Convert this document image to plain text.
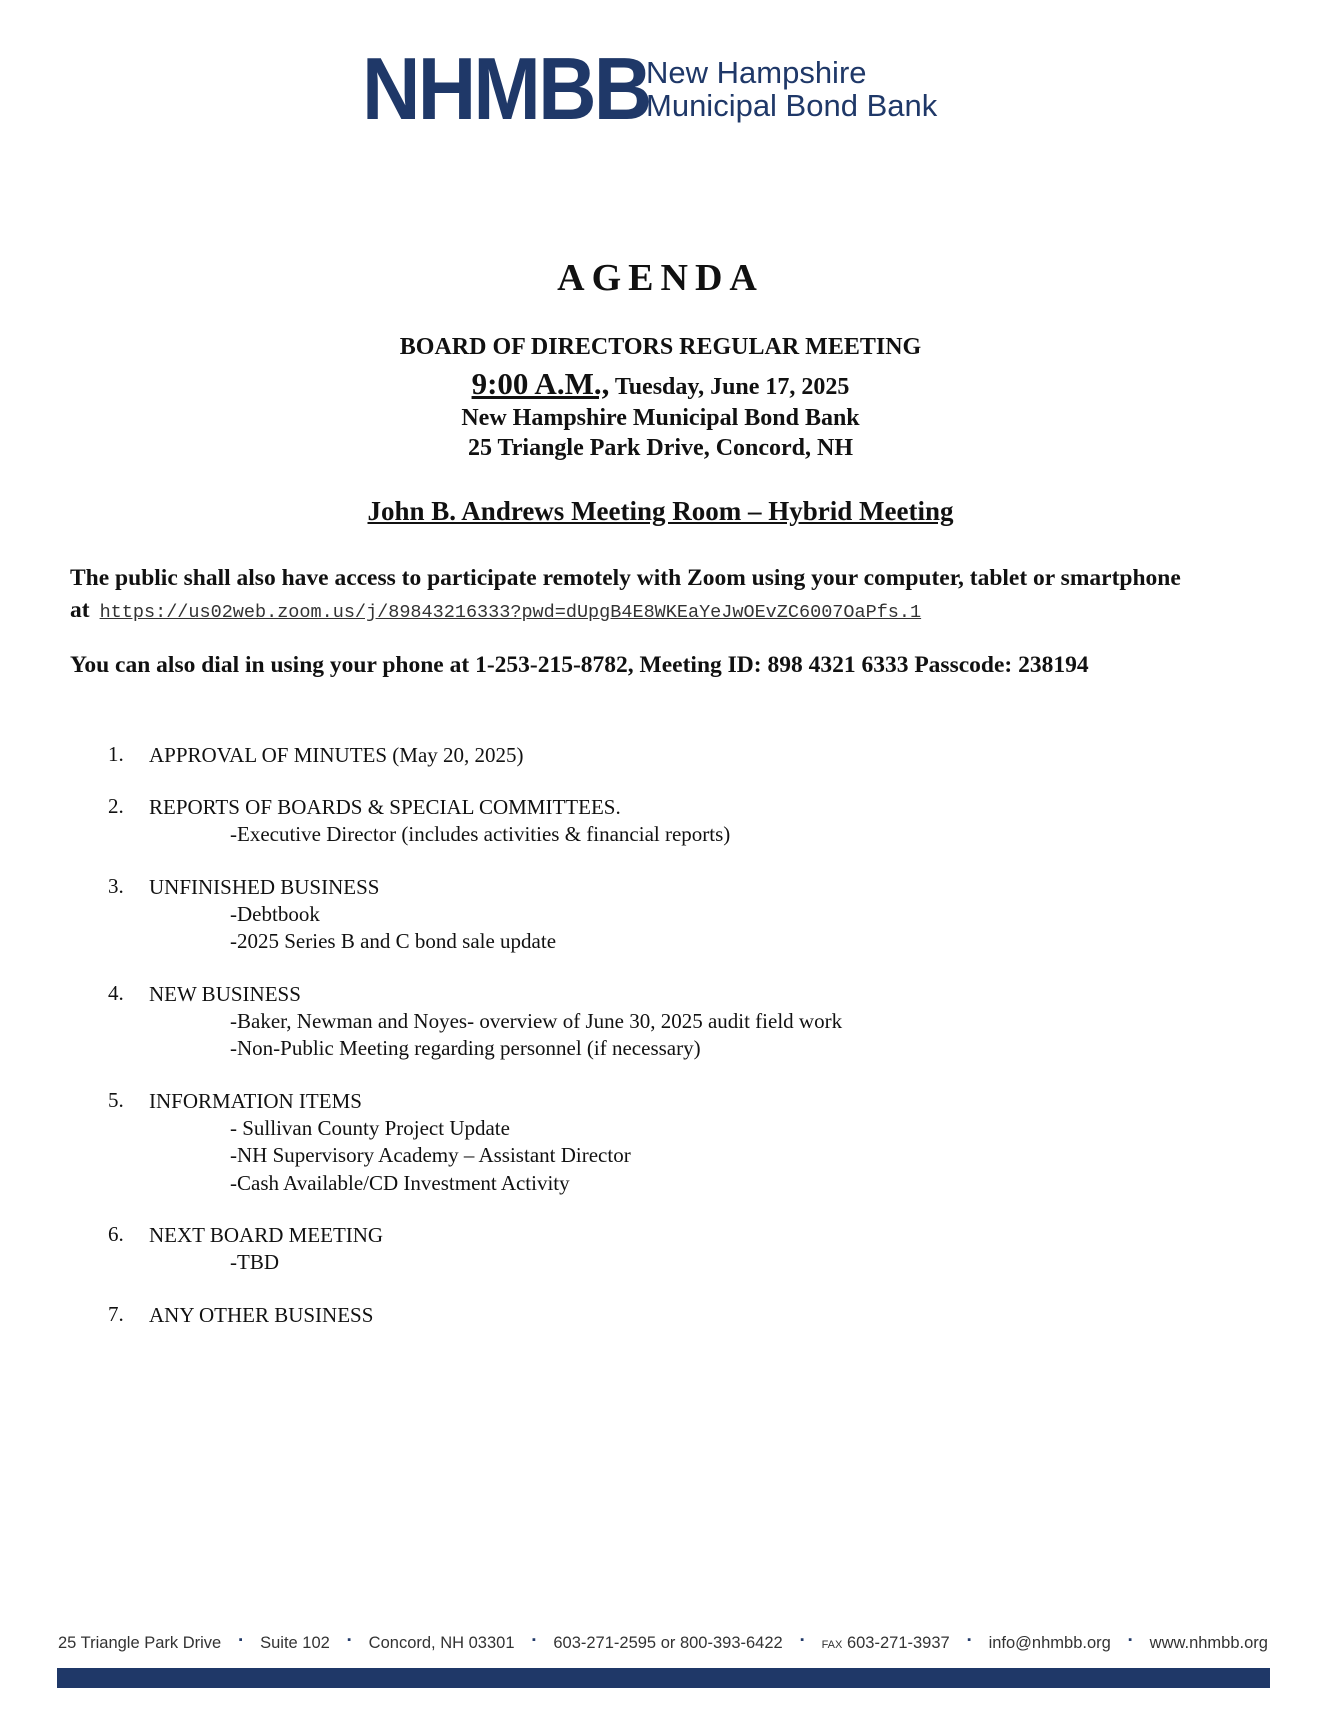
NHMBB
New Hampshire
Municipal Bond Bank
AGENDA
BOARD OF DIRECTORS REGULAR MEETING
9:00 A.M., Tuesday, June 17, 2025
New Hampshire Municipal Bond Bank
25 Triangle Park Drive, Concord, NH
John B. Andrews Meeting Room – Hybrid Meeting
The public shall also have access to participate remotely with Zoom using your computer, tablet or smartphone at https://us02web.zoom.us/j/89843216333?pwd=dUpgB4E8WKEaYeJwOEvZC6007OaPfs.1
You can also dial in using your phone at 1-253-215-8782, Meeting ID: 898 4321 6333 Passcode: 238194
1.	APPROVAL OF MINUTES (May 20, 2025)
2.	REPORTS OF BOARDS & SPECIAL COMMITTEES.
-Executive Director (includes activities & financial reports)
3.	UNFINISHED BUSINESS
-Debtbook
-2025 Series B and C bond sale update
4.	NEW BUSINESS
-Baker, Newman and Noyes- overview of June 30, 2025 audit field work
-Non-Public Meeting regarding personnel (if necessary)
5.	INFORMATION ITEMS
- Sullivan County Project Update
-NH Supervisory Academy – Assistant Director
-Cash Available/CD Investment Activity
6.	NEXT BOARD MEETING
-TBD
7.	ANY OTHER BUSINESS
25 Triangle Park Drive ▪ Suite 102 ▪ Concord, NH 03301 ▪ 603-271-2595 or 800-393-6422 ▪ FAX 603-271-3937 ▪ info@nhmbb.org ▪ www.nhmbb.org
